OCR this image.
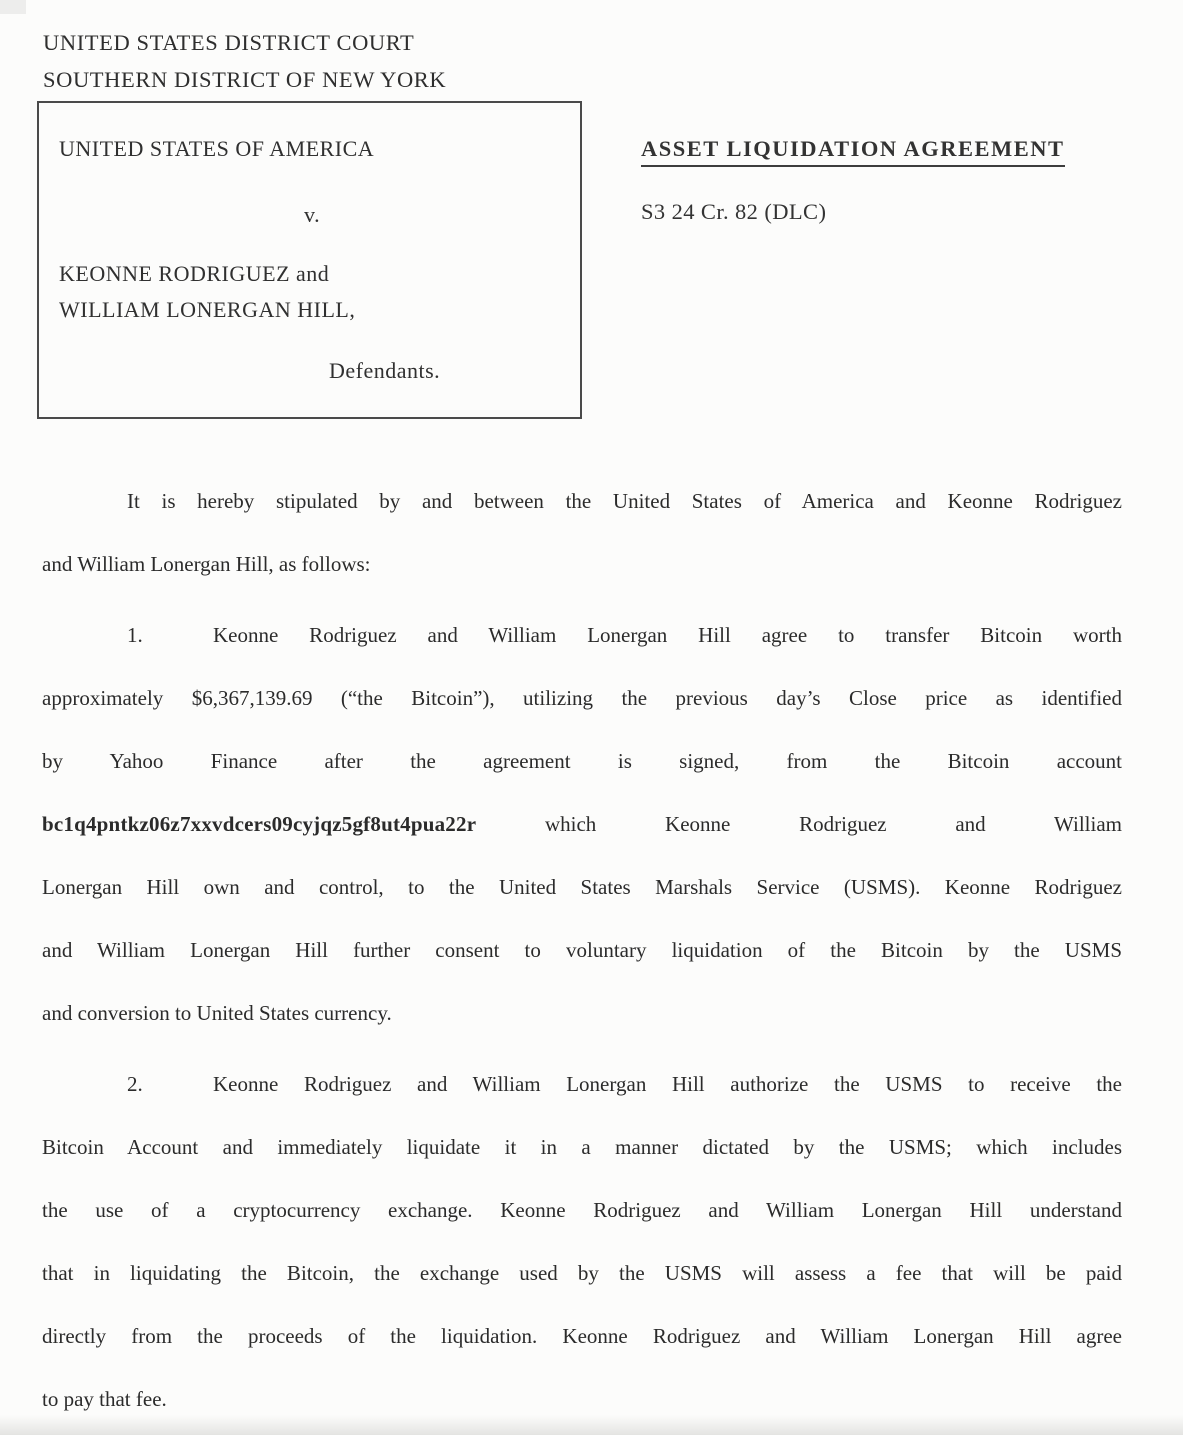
UNITED STATES DISTRICT COURT
SOUTHERN DISTRICT OF NEW YORK
UNITED STATES OF AMERICA
v.
KEONNE RODRIGUEZ and
WILLIAM LONERGAN HILL,
Defendants.
ASSET LIQUIDATION AGREEMENT
S3 24 Cr. 82 (DLC)
It is hereby stipulated by and between the United States of America and Keonne Rodriguez
and William Lonergan Hill, as follows:
1.	Keonne Rodriguez and William Lonergan Hill agree to transfer Bitcoin worth
approximately $6,367,139.69 (“the Bitcoin”), utilizing the previous day’s Close price as identified
by Yahoo Finance after the agreement is signed, from the Bitcoin account
bc1q4pntkz06z7xxvdcers09cyjqz5gf8ut4pua22r	which Keonne Rodriguez and William
Lonergan Hill own and control, to the United States Marshals Service (USMS). Keonne Rodriguez
and William Lonergan Hill further consent to voluntary liquidation of the Bitcoin by the USMS
and conversion to United States currency.
2.	Keonne Rodriguez and William Lonergan Hill authorize the USMS to receive the
Bitcoin Account and immediately liquidate it in a manner dictated by the USMS; which includes
the use of a cryptocurrency exchange. Keonne Rodriguez and William Lonergan Hill understand
that in liquidating the Bitcoin, the exchange used by the USMS will assess a fee that will be paid
directly from the proceeds of the liquidation. Keonne Rodriguez and William Lonergan Hill agree
to pay that fee.
